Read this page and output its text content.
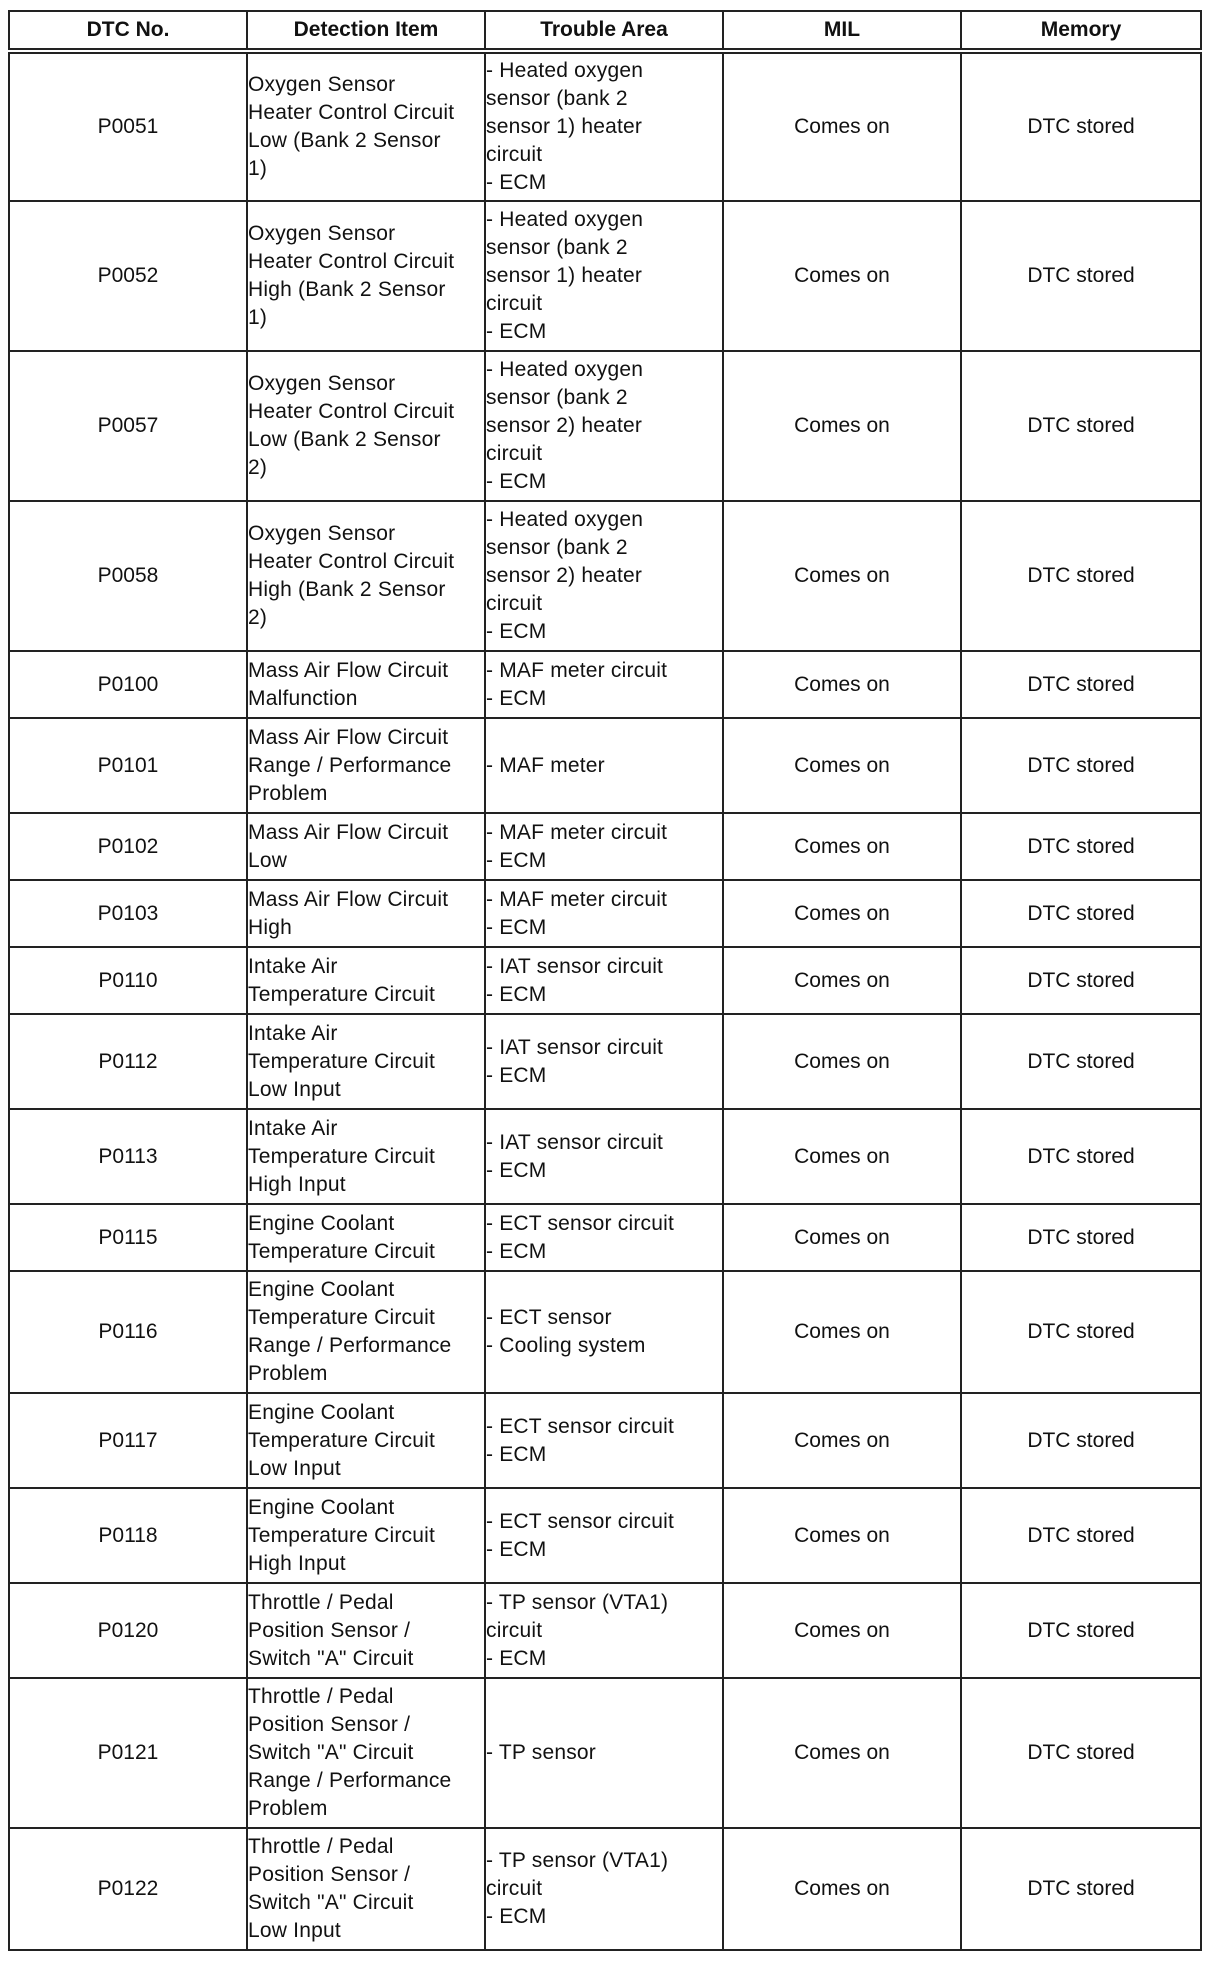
DTC No.	Detection Item	Trouble Area	MIL	Memory
P0051	Oxygen Sensor
Heater Control Circuit
Low (Bank 2 Sensor
1)	- Heated oxygen
sensor (bank 2
sensor 1) heater
circuit
- ECM	Comes on	DTC stored
P0052	Oxygen Sensor
Heater Control Circuit
High (Bank 2 Sensor
1)	- Heated oxygen
sensor (bank 2
sensor 1) heater
circuit
- ECM	Comes on	DTC stored
P0057	Oxygen Sensor
Heater Control Circuit
Low (Bank 2 Sensor
2)	- Heated oxygen
sensor (bank 2
sensor 2) heater
circuit
- ECM	Comes on	DTC stored
P0058	Oxygen Sensor
Heater Control Circuit
High (Bank 2 Sensor
2)	- Heated oxygen
sensor (bank 2
sensor 2) heater
circuit
- ECM	Comes on	DTC stored
P0100	Mass Air Flow Circuit
Malfunction	- MAF meter circuit
- ECM	Comes on	DTC stored
P0101	Mass Air Flow Circuit
Range / Performance
Problem	- MAF meter	Comes on	DTC stored
P0102	Mass Air Flow Circuit
Low	- MAF meter circuit
- ECM	Comes on	DTC stored
P0103	Mass Air Flow Circuit
High	- MAF meter circuit
- ECM	Comes on	DTC stored
P0110	Intake Air
Temperature Circuit	- IAT sensor circuit
- ECM	Comes on	DTC stored
P0112	Intake Air
Temperature Circuit
Low Input	- IAT sensor circuit
- ECM	Comes on	DTC stored
P0113	Intake Air
Temperature Circuit
High Input	- IAT sensor circuit
- ECM	Comes on	DTC stored
P0115	Engine Coolant
Temperature Circuit	- ECT sensor circuit
- ECM	Comes on	DTC stored
P0116	Engine Coolant
Temperature Circuit
Range / Performance
Problem	- ECT sensor
- Cooling system	Comes on	DTC stored
P0117	Engine Coolant
Temperature Circuit
Low Input	- ECT sensor circuit
- ECM	Comes on	DTC stored
P0118	Engine Coolant
Temperature Circuit
High Input	- ECT sensor circuit
- ECM	Comes on	DTC stored
P0120	Throttle / Pedal
Position Sensor /
Switch "A" Circuit	- TP sensor (VTA1)
circuit
- ECM	Comes on	DTC stored
P0121	Throttle / Pedal
Position Sensor /
Switch "A" Circuit
Range / Performance
Problem	- TP sensor	Comes on	DTC stored
P0122	Throttle / Pedal
Position Sensor /
Switch "A" Circuit
Low Input	- TP sensor (VTA1)
circuit
- ECM	Comes on	DTC stored
